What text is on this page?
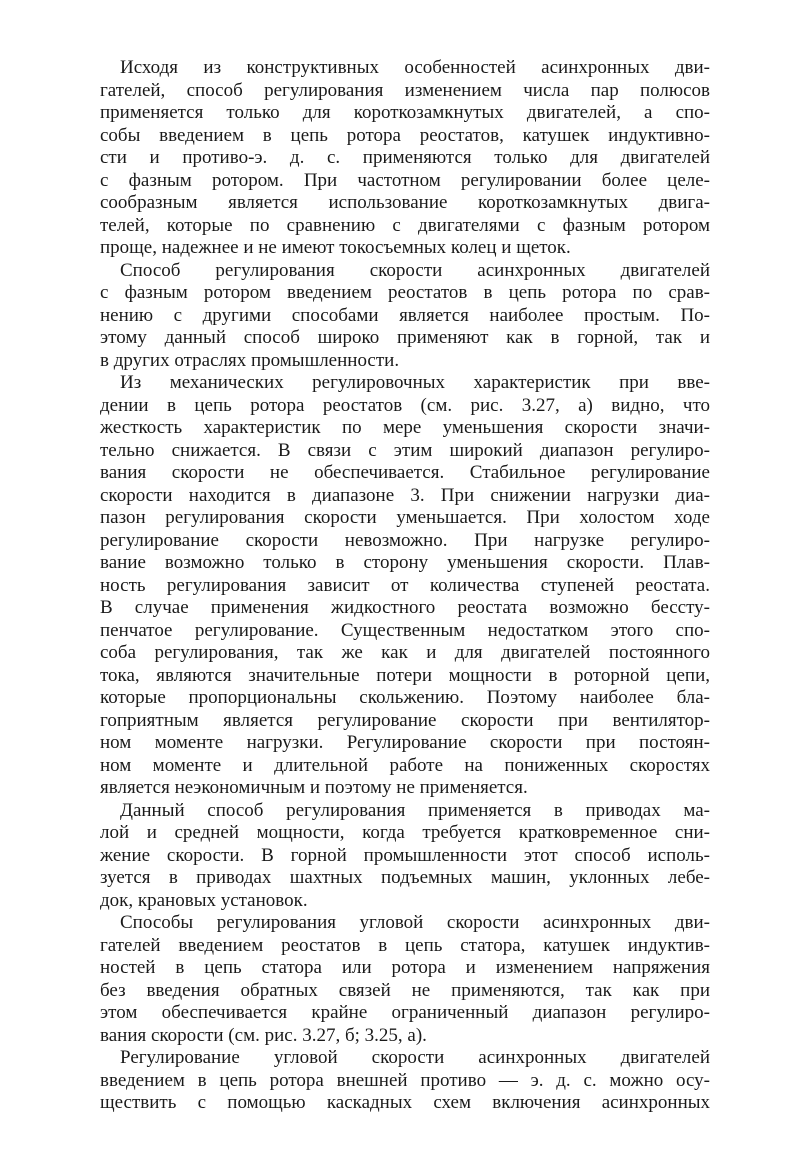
Исходя из конструктивных особенностей асинхронных дви-
гателей, способ регулирования изменением числа пар полюсов
применяется только для короткозамкнутых двигателей, а спо-
собы введением в цепь ротора реостатов, катушек индуктивно-
сти и противо-э. д. с. применяются только для двигателей
с фазным ротором. При частотном регулировании более целе-
сообразным является использование короткозамкнутых двига-
телей, которые по сравнению с двигателями с фазным ротором
проще, надежнее и не имеют токосъемных колец и щеток.

Способ регулирования скорости асинхронных двигателей
с фазным ротором введением реостатов в цепь ротора по срав-
нению с другими способами является наиболее простым. По-
этому данный способ широко применяют как в горной, так и
в других отраслях промышленности.

Из механических регулировочных характеристик при вве-
дении в цепь ротора реостатов (см. рис. 3.27, а) видно, что
жесткость характеристик по мере уменьшения скорости значи-
тельно снижается. В связи с этим широкий диапазон регулиро-
вания скорости не обеспечивается. Стабильное регулирование
скорости находится в диапазоне 3. При снижении нагрузки диа-
пазон регулирования скорости уменьшается. При холостом ходе
регулирование скорости невозможно. При нагрузке регулиро-
вание возможно только в сторону уменьшения скорости. Плав-
ность регулирования зависит от количества ступеней реостата.
В случае применения жидкостного реостата возможно бессту-
пенчатое регулирование. Существенным недостатком этого спо-
соба регулирования, так же как и для двигателей постоянного
тока, являются значительные потери мощности в роторной цепи,
которые пропорциональны скольжению. Поэтому наиболее бла-
гоприятным является регулирование скорости при вентилятор-
ном моменте нагрузки. Регулирование скорости при постоян-
ном моменте и длительной работе на пониженных скоростях
является неэкономичным и поэтому не применяется.

Данный способ регулирования применяется в приводах ма-
лой и средней мощности, когда требуется кратковременное сни-
жение скорости. В горной промышленности этот способ исполь-
зуется в приводах шахтных подъемных машин, уклонных лебе-
док, крановых установок.

Способы регулирования угловой скорости асинхронных дви-
гателей введением реостатов в цепь статора, катушек индуктив-
ностей в цепь статора или ротора и изменением напряжения
без введения обратных связей не применяются, так как при
этом обеспечивается крайне ограниченный диапазон регулиро-
вания скорости (см. рис. 3.27, б; 3.25, а).

Регулирование угловой скорости асинхронных двигателей
введением в цепь ротора внешней противо — э. д. с. можно осу-
ществить с помощью каскадных схем включения асинхронных
